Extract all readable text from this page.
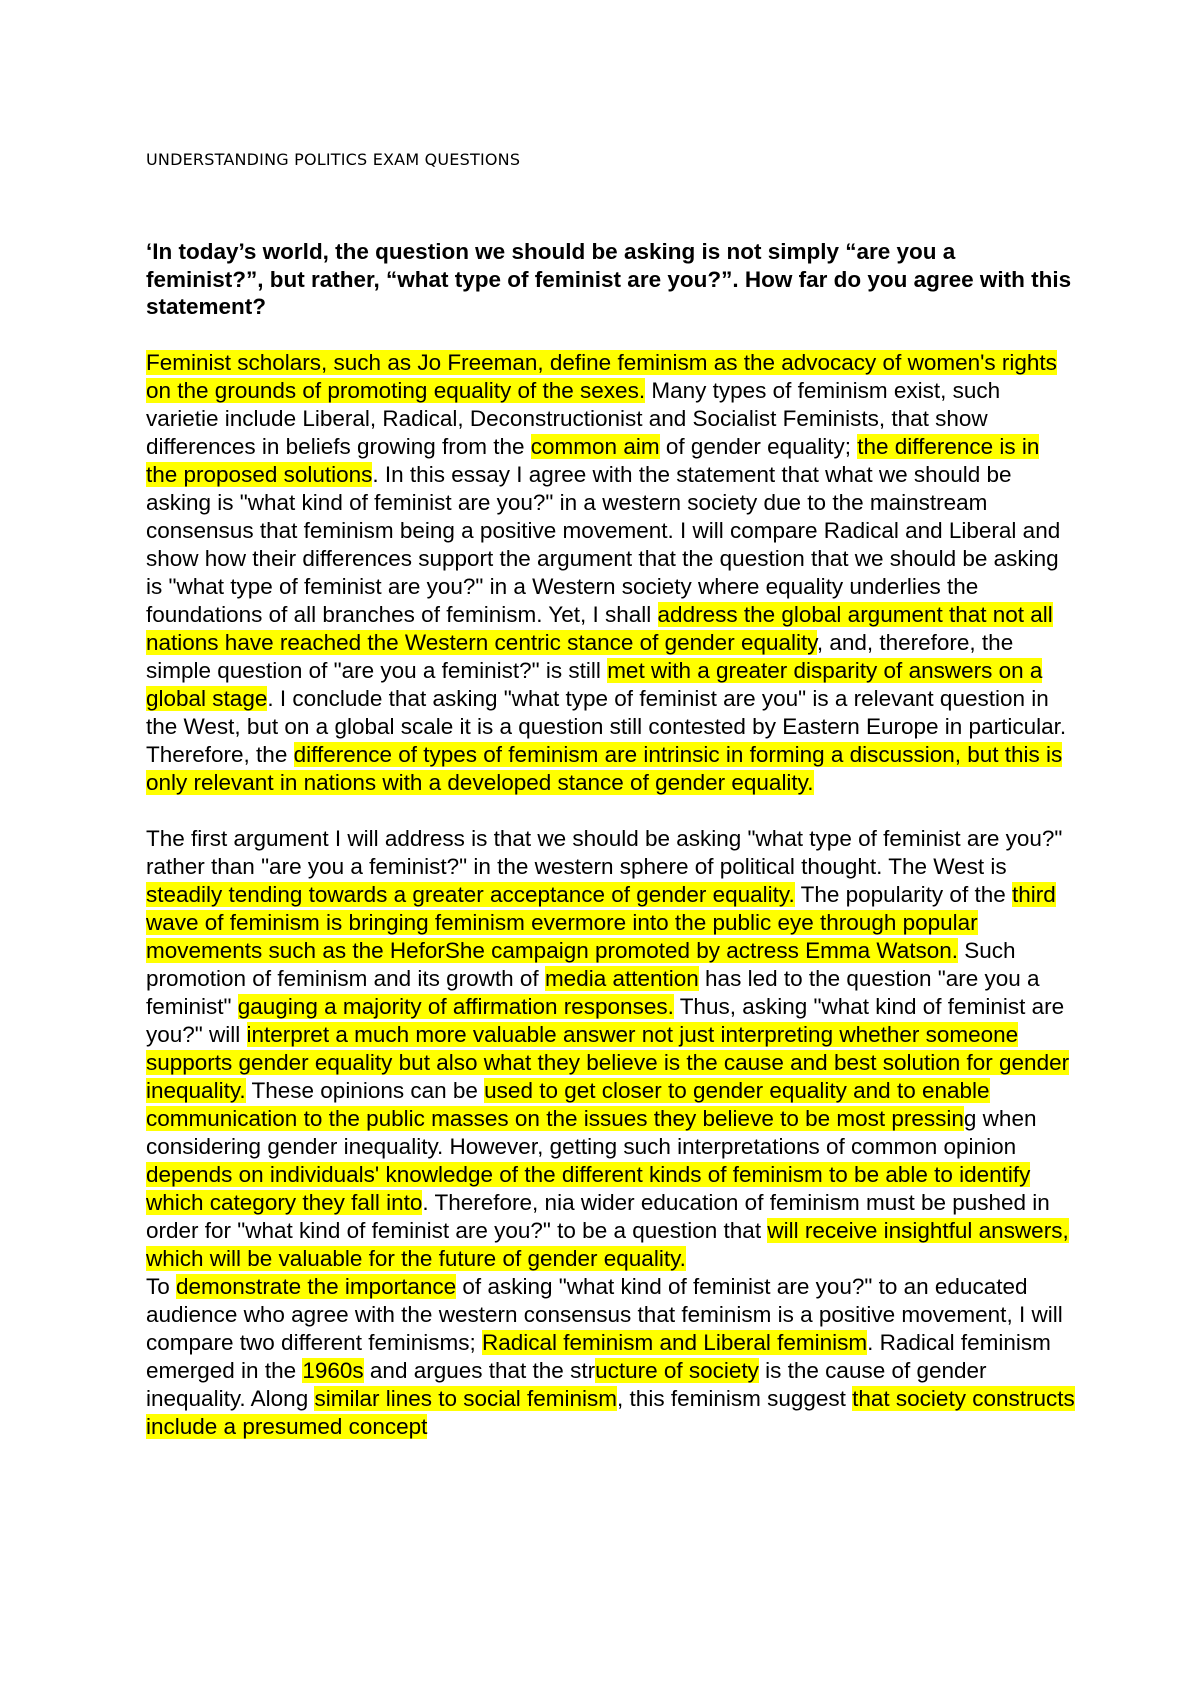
UNDERSTANDING POLITICS EXAM QUESTIONS

‘In today’s world, the question we should be asking is not simply “are you a feminist?”, but rather, “what type of feminist are you?”. How far do you agree with this statement?

Feminist scholars, such as Jo Freeman, define feminism as the advocacy of women's rights on the grounds of promoting equality of the sexes. Many types of feminism exist, such varietie include Liberal, Radical, Deconstructionist and Socialist Feminists, that show differences in beliefs growing from the common aim of gender equality; the difference is in the proposed solutions. In this essay I agree with the statement that what we should be asking is "what kind of feminist are you?" in a western society due to the mainstream consensus that feminism being a positive movement. I will compare Radical and Liberal and show how their differences support the argument that the question that we should be asking is "what type of feminist are you?" in a Western society where equality underlies the foundations of all branches of feminism. Yet, I shall address the global argument that not all nations have reached the Western centric stance of gender equality, and, therefore, the simple question of "are you a feminist?" is still met with a greater disparity of answers on a global stage. I conclude that asking "what type of feminist are you" is a relevant question in the West, but on a global scale it is a question still contested by Eastern Europe in particular. Therefore, the difference of types of feminism are intrinsic in forming a discussion, but this is only relevant in nations with a developed stance of gender equality.

The first argument I will address is that we should be asking "what type of feminist are you?" rather than "are you a feminist?" in the western sphere of political thought. The West is steadily tending towards a greater acceptance of gender equality. The popularity of the third wave of feminism is bringing feminism evermore into the public eye through popular movements such as the HeforShe campaign promoted by actress Emma Watson. Such promotion of feminism and its growth of media attention has led to the question "are you a feminist" gauging a majority of affirmation responses. Thus, asking "what kind of feminist are you?" will interpret a much more valuable answer not just interpreting whether someone supports gender equality but also what they believe is the cause and best solution for gender inequality. These opinions can be used to get closer to gender equality and to enable communication to the public masses on the issues they believe to be most pressing when considering gender inequality. However, getting such interpretations of common opinion depends on individuals' knowledge of the different kinds of feminism to be able to identify which category they fall into. Therefore, nia wider education of feminism must be pushed in order for "what kind of feminist are you?" to be a question that will receive insightful answers, which will be valuable for the future of gender equality.

To demonstrate the importance of asking "what kind of feminist are you?" to an educated audience who agree with the western consensus that feminism is a positive movement, I will compare two different feminisms; Radical feminism and Liberal feminism. Radical feminism emerged in the 1960s and argues that the structure of society is the cause of gender inequality. Along similar lines to social feminism, this feminism suggest that society constructs include a presumed concept
